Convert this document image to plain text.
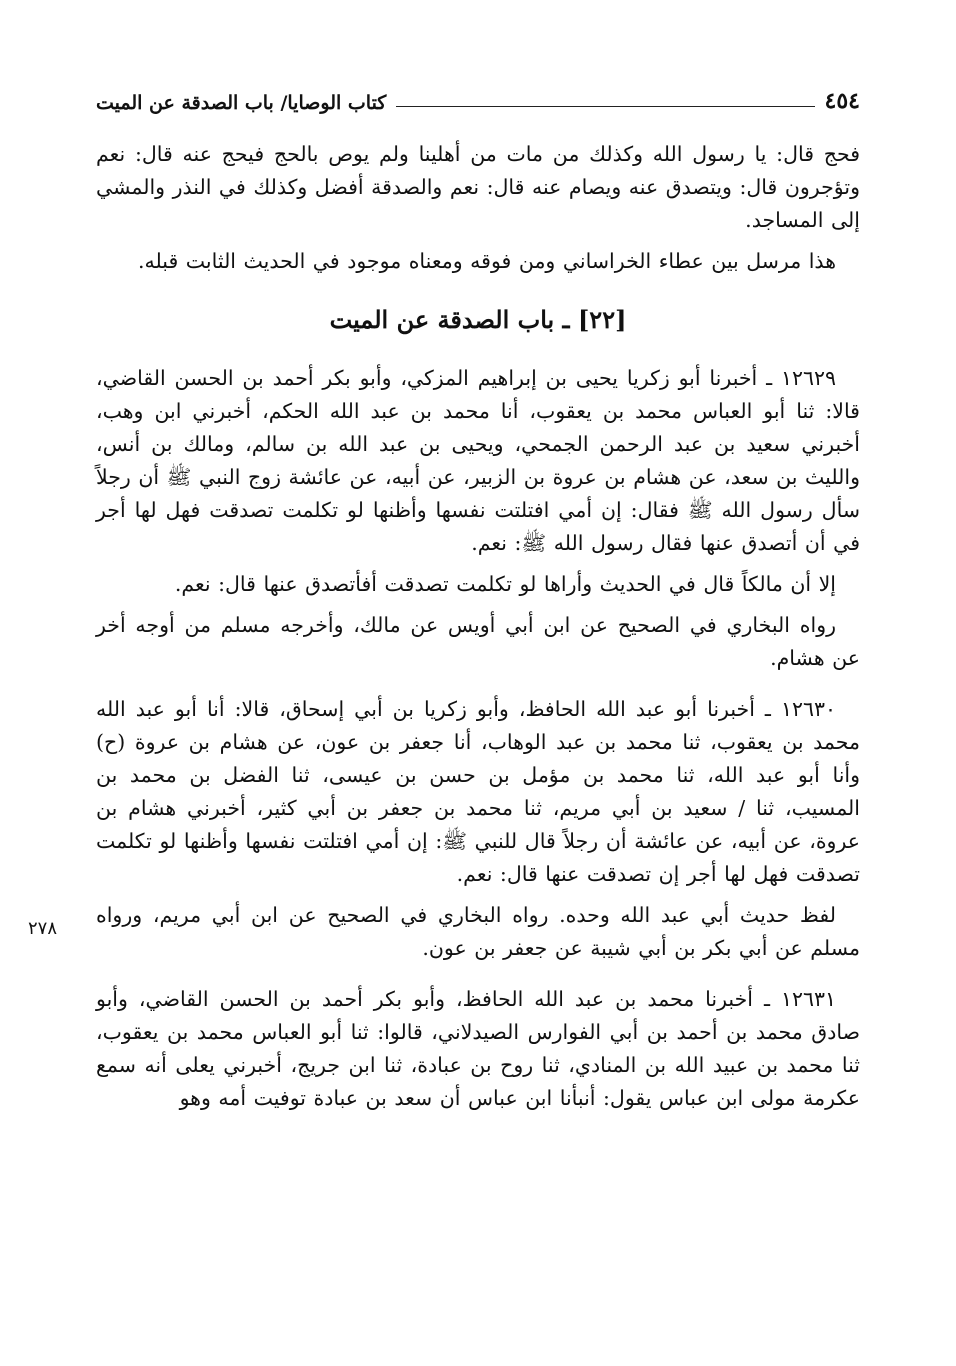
٤٥٤
كتاب الوصايا/ باب الصدقة عن الميت
٢٧٨

فحج قال: يا رسول الله وكذلك من مات من أهلينا ولم يوص بالحج فيحج عنه قال: نعم وتؤجرون قال: ويتصدق عنه ويصام عنه قال: نعم والصدقة أفضل وكذلك في النذر والمشي إلى المساجد.

هذا مرسل بين عطاء الخراساني ومن فوقه ومعناه موجود في الحديث الثابت قبله.

[٢٢] ـ باب الصدقة عن الميت

١٢٦٢٩ ـ أخبرنا أبو زكريا يحيى بن إبراهيم المزكي، وأبو بكر أحمد بن الحسن القاضي، قالا: ثنا أبو العباس محمد بن يعقوب، أنا محمد بن عبد الله الحكم، أخبرني ابن وهب، أخبرني سعيد بن عبد الرحمن الجمحي، ويحيى بن عبد الله بن سالم، ومالك بن أنس، والليث بن سعد، عن هشام بن عروة بن الزبير، عن أبيه، عن عائشة زوج النبي ﷺ أن رجلاً سأل رسول الله ﷺ فقال: إن أمي افتلتت نفسها وأظنها لو تكلمت تصدقت فهل لها أجر في أن أتصدق عنها فقال رسول الله ﷺ: نعم.

إلا أن مالكاً قال في الحديث وأراها لو تكلمت تصدقت أفأتصدق عنها قال: نعم.

رواه البخاري في الصحيح عن ابن أبي أويس عن مالك، وأخرجه مسلم من أوجه أخر عن هشام.

١٢٦٣٠ ـ أخبرنا أبو عبد الله الحافظ، وأبو زكريا بن أبي إسحاق، قالا: أنا أبو عبد الله محمد بن يعقوب، ثنا محمد بن عبد الوهاب، أنا جعفر بن عون، عن هشام بن عروة (ح) وأنا أبو عبد الله، ثنا محمد بن مؤمل بن حسن بن عيسى، ثنا الفضل بن محمد بن المسيب، ثنا / سعيد بن أبي مريم، ثنا محمد بن جعفر بن أبي كثير، أخبرني هشام بن عروة، عن أبيه، عن عائشة أن رجلاً قال للنبي ﷺ: إن أمي افتلتت نفسها وأظنها لو تكلمت تصدقت فهل لها أجر إن تصدقت عنها قال: نعم.

لفظ حديث أبي عبد الله وحده. رواه البخاري في الصحيح عن ابن أبي مريم، ورواه مسلم عن أبي بكر بن أبي شيبة عن جعفر بن عون.

١٢٦٣١ ـ أخبرنا محمد بن عبد الله الحافظ، وأبو بكر أحمد بن الحسن القاضي، وأبو صادق محمد بن أحمد بن أبي الفوارس الصيدلاني، قالوا: ثنا أبو العباس محمد بن يعقوب، ثنا محمد بن عبيد الله بن المنادي، ثنا روح بن عبادة، ثنا ابن جريج، أخبرني يعلى أنه سمع عكرمة مولى ابن عباس يقول: أنبأنا ابن عباس أن سعد بن عبادة توفيت أمه وهو
